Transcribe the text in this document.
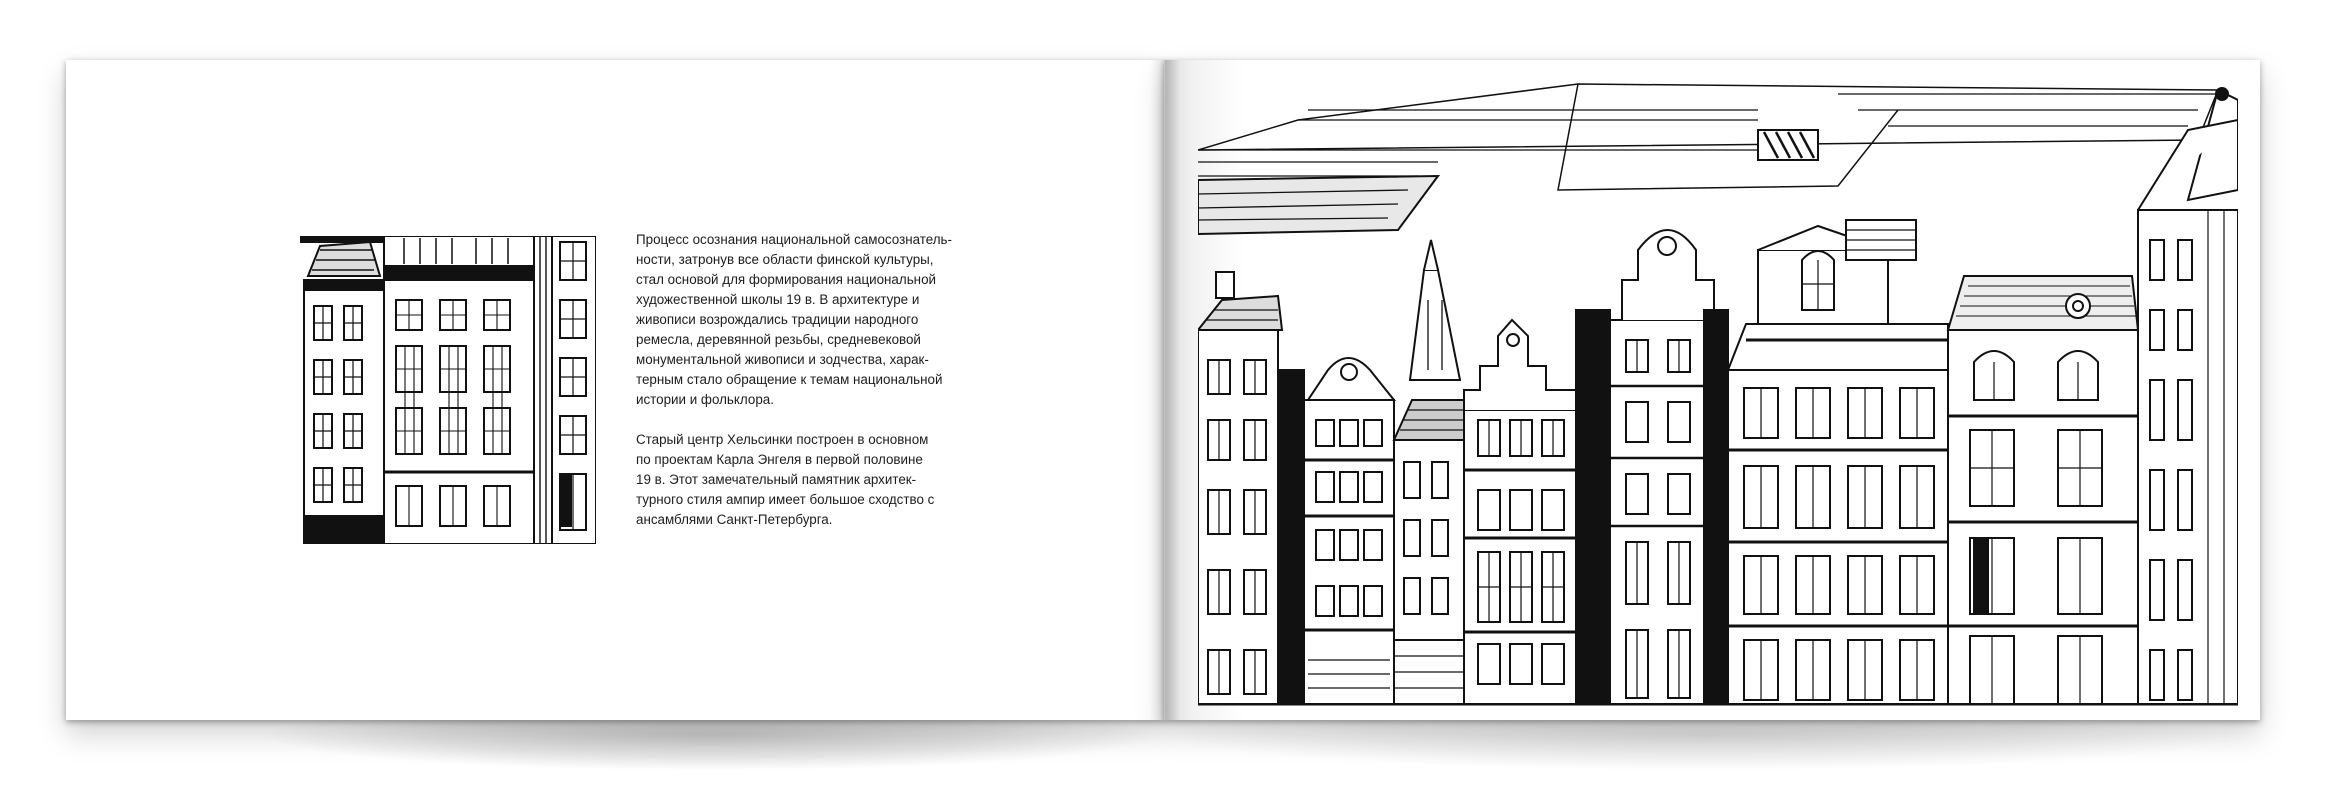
Процесс осознания национальной самосознатель-
ности, затронув все области финской культуры,
стал основой для формирования национальной
художественной школы 19 в. В архитектуре и
живописи возрождались традиции народного
ремесла, деревянной резьбы, средневековой
монументальной живописи и зодчества, харак-
терным стало обращение к темам национальной
истории и фольклора.

Старый центр Хельсинки построен в основном
по проектам Карла Энгеля в первой половине
19 в. Этот замечательный памятник архитек-
турного стиля ампир имеет большое сходство с
ансамблями Санкт-Петербурга.
